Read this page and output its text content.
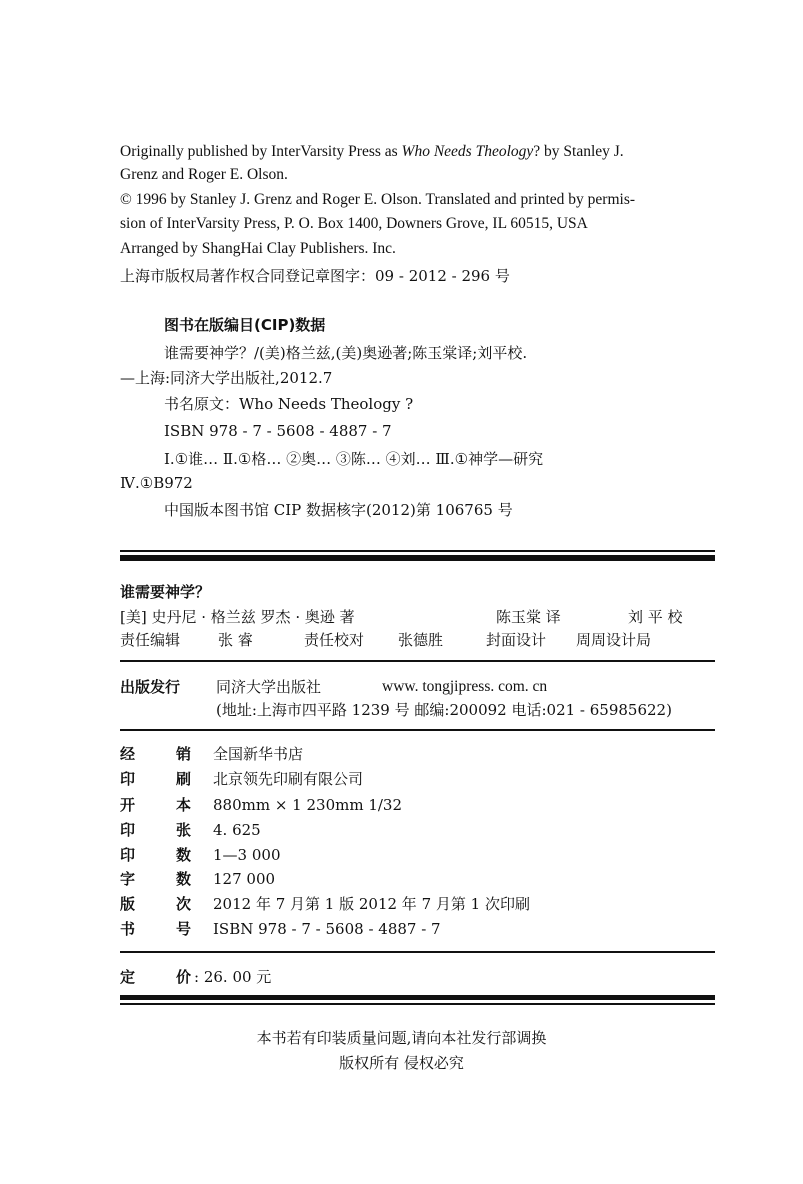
Originally published by InterVarsity Press as Who Needs Theology? by Stanley J.
Grenz and Roger E. Olson.
© 1996 by Stanley J. Grenz and Roger E. Olson. Translated and printed by permis-
sion of InterVarsity Press, P. O. Box 1400, Downers Grove, IL 60515, USA
Arranged by ShangHai Clay Publishers. Inc.
上海市版权局著作权合同登记章图字：09 - 2012 - 296 号
图书在版编目(CIP)数据
谁需要神学？/(美)格兰兹,(美)奥逊著;陈玉棠译;刘平校.
—上海:同济大学出版社,2012.7
书名原文：Who Needs Theology ?
ISBN 978 - 7 - 5608 - 4887 - 7
Ⅰ.①谁… Ⅱ.①格… ②奥… ③陈… ④刘… Ⅲ.①神学—研究
Ⅳ.①B972
中国版本图书馆 CIP 数据核字(2012)第 106765 号
谁需要神学？
[美] 史丹尼 · 格兰兹 罗杰 · 奥逊 著	陈玉棠 译	刘 平 校
责任编辑	张 睿	责任校对 张德胜	封面设计 周周设计局
出版发行 同济大学出版社	www. tongjipress. com. cn
(地址:上海市四平路 1239 号 邮编:200092 电话:021 - 65985622)
经	销 全国新华书店
印	刷 北京领先印刷有限公司
开	本 880mm × 1 230mm 1/32
印	张 4. 625
印	数 1—3 000
字	数 127 000
版	次 2012 年 7 月第 1 版 2012 年 7 月第 1 次印刷
书	号 ISBN 978 - 7 - 5608 - 4887 - 7
定	价 : 26. 00 元
本书若有印装质量问题,请向本社发行部调换
版权所有 侵权必究
